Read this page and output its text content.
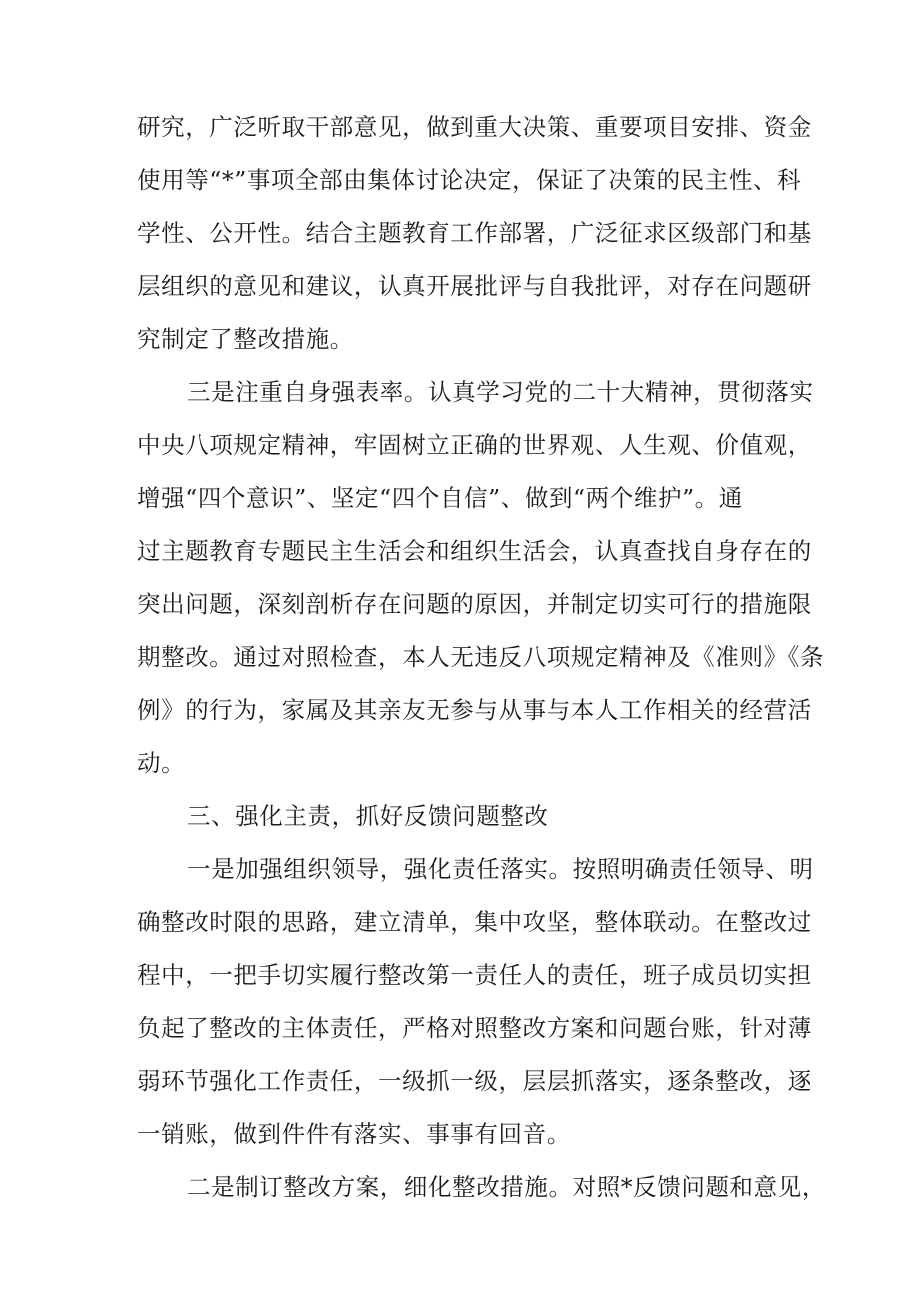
研究，广泛听取干部意见，做到重大决策、重要项目安排、资金
使用等“*”事项全部由集体讨论决定，保证了决策的民主性、科
学性、公开性。结合主题教育工作部署，广泛征求区级部门和基
层组织的意见和建议，认真开展批评与自我批评，对存在问题研
究制定了整改措施。
三是注重自身强表率。认真学习党的二十大精神，贯彻落实
中央八项规定精神，牢固树立正确的世界观、人生观、价值观，
增强“四个意识”、坚定“四个自信”、做到“两个维护”。通
过主题教育专题民主生活会和组织生活会，认真查找自身存在的
突出问题，深刻剖析存在问题的原因，并制定切实可行的措施限
期整改。通过对照检查，本人无违反八项规定精神及《准则》《条
例》的行为，家属及其亲友无参与从事与本人工作相关的经营活
动。
三、强化主责，抓好反馈问题整改
一是加强组织领导，强化责任落实。按照明确责任领导、明
确整改时限的思路，建立清单，集中攻坚，整体联动。在整改过
程中，一把手切实履行整改第一责任人的责任，班子成员切实担
负起了整改的主体责任，严格对照整改方案和问题台账，针对薄
弱环节强化工作责任，一级抓一级，层层抓落实，逐条整改，逐
一销账，做到件件有落实、事事有回音。
二是制订整改方案，细化整改措施。对照*反馈问题和意见，
